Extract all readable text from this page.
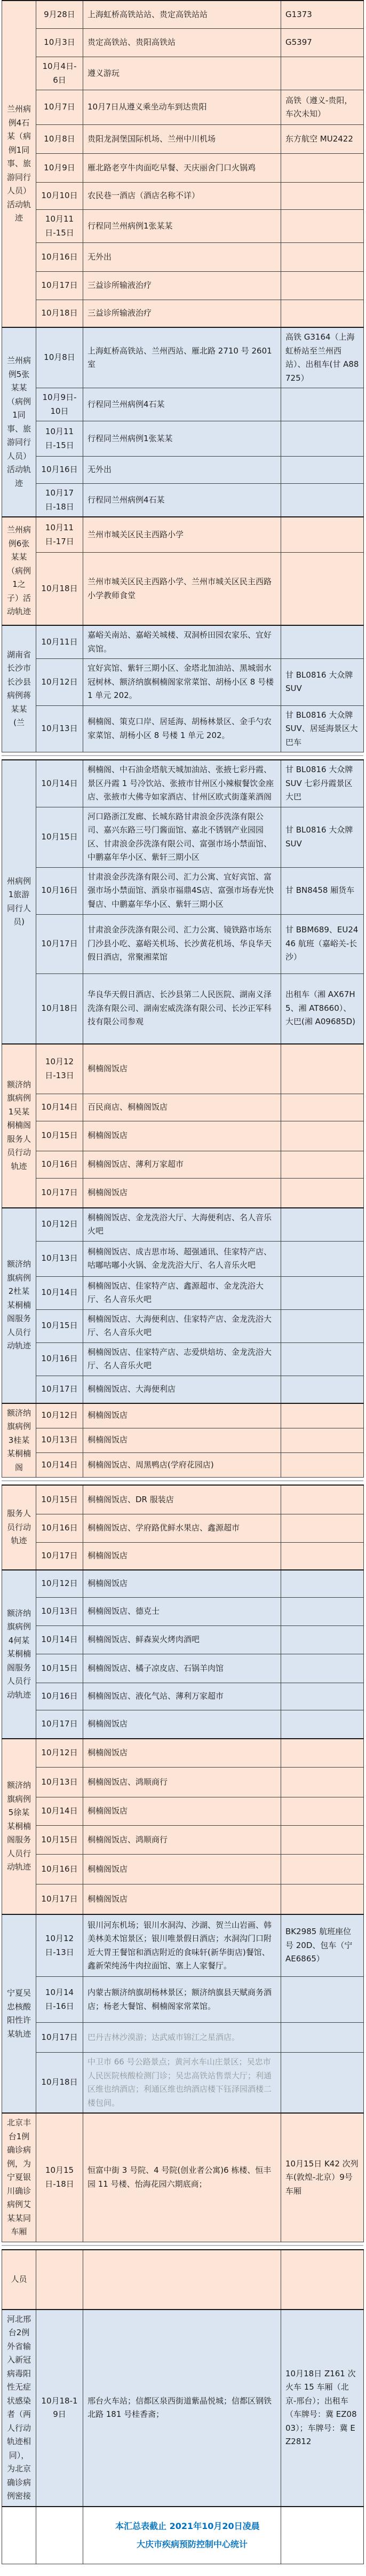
兰州病例4石某（病例1同事、旅游同行人员）活动轨迹	9月28日	上海虹桥高铁站站、贵定高铁站站	G1373
	10月3日	贵定高铁站、贵阳高铁站	G5397
	10月4日-6日	遵义游玩	
	10月7日	10月7日从遵义乘坐动车到达贵阳	高铁（遵义-贵阳，车次未知）
	10月8日	贵阳龙洞堡国际机场、兰州中川机场	东方航空 MU2422
	10月9日	雁北路老亨牛肉面吃早餐、天庆丽舍门口火锅鸡	
	10月10日	农民巷一酒店（酒店名称不详）	
	10月11日-15日	行程同兰州病例1张某某	
	10月16日	无外出	
	10月17日	三益诊所输液治疗	
	10月18日	三益诊所输液治疗	
兰州病例5张某某（病例1同事、旅游同行人员）活动轨迹	10月8日	上海虹桥高铁站、兰州西站、雁北路 2710 号 2601 室	高铁 G3164（上海虹桥站至兰州西站）、出租车(甘 A88725）
	10月9日-10日	行程同兰州病例4石某	
	10月11日-15日	行程同兰州病例1张某某	
	10月16日	无外出	
	10月17日-18日	行程同兰州病例4石某	
兰州病例6张某某（病例1之子）活动轨迹	10月11日-17日	兰州市城关区民主西路小学	
	10月18日	兰州市城关区民主西路小学、兰州市城关区民主西路小学教师食堂	
湖南省长沙市长沙县病例蒋某某(兰	10月11日	嘉峪关南站、嘉峪关城楼、双洞桥田园农家乐、宜好宾馆。	
	10月12日	宜好宾馆、紫轩三期小区、金塔北加油站、黑城弱水冠树林、额济纳旗桐楠阁家常菜馆、胡杨小区 8 号楼 1 单元 202。	甘 BL0816 大众牌 SUV
	10月13日	桐楠阁、策克口岸、居延海、胡杨林景区、金手勺农家菜馆、胡杨小区 8 号楼 1 单元 202。	甘 BL0816 大众牌 SUV、居延海景区大巴车
州病例1旅游同行人员)	10月14日	桐楠阁、中石油金塔航天城加油站、张掖七彩丹霞、景区丹霞 1 号冷饮站、张掖市甘州区小辣椒餐饮金座店、张掖市大佛寺如家酒店、甘州区欧式街蓬莱酒阁	甘 BL0816 大众牌 SUV 七彩丹霞景区大巴
	10月15日	河口路浙江发廊、长城东路甘肃浪金莎洗涤有限公司、嘉兴东路三号门酱面馆、嘉北不锈钢产业园园区、甘肃浪金莎洗涤有限公司、富强市场小禁面馆、中鹏嘉年华小区、紫轩三期小区	甘 BL0816 大众牌 SUV
	10月16日	甘肃浪金莎洗涤有限公司、汇力公寓、宜好宾馆、富强市场小禁面馆、酒泉市福鼎4S店、富强市场春光快餐店、中鹏嘉年华小区、紫轩三期小区	甘 BN8458 厢货车
	10月17日	甘肃浪金莎洗涤有限公司、汇力公寓、镜铁路市场东门沙县小吃、嘉峪关机场、长沙黄花机场、华良华天假日酒店，常聚湘菜馆	甘 BBM689、EU2446 航班（嘉峪关-长沙）
	10月18日	华良华天假日酒店、长沙县第二人民医院、湖南义泽洗涤有限公司、湖南宏威洗涤有限公司、长沙正军科技有限公司参观	出租车（湘 AX67H5、湘 AT8660）、大巴(湘 A09685D)
额济纳旗病例1吴某桐楠阁服务人员行动轨迹	10月12日-13日	桐楠阁饭店	
	10月14日	百民商店、桐楠阁饭店	
	10月15日	桐楠阁饭店	
	10月16日	桐楠阁饭店、薄利万家超市	
	10月17日	桐楠阁饭店	
额济纳旗病例2杜某某桐楠阁服务人员行动轨迹	10月12日	桐楠阁饭店、金龙洗浴大厅、大海便利店、名人音乐火吧	
	10月13日	桐楠阁饭店、成吉思市场、超强通讯、佳家特产店、咕嘟咕嘟小火锅、金龙洗浴大厅、名人音乐火吧	
	10月14日	桐楠阁饭店、佳家特产店、鑫源超市、金龙洗浴大厅、名人音乐火吧	
	10月15日	桐楠阁饭店、大海便利店、佳家特产店、金龙洗浴大厅、名人音乐火吧	
	10月16日	桐楠阁饭店、佳家特产店、志爱烘焙坊、金龙洗浴大厅、名人音乐火吧	
	10月17日	桐楠阁饭店、大海便利店	
额济纳旗病例3桂某某桐楠阁	10月12日	桐楠阁饭店	
	10月13日	桐楠阁饭店	
	10月14日	桐楠阁饭店、周黑鸭店(学府花园店)	
服务人员行动轨迹	10月15日	桐楠阁饭店、DR 服装店	
	10月16日	桐楠阁饭店、学府路优鲜水果店、鑫源超市	
	10月17日	桐楠阁饭店	
额济纳旗病例4何某某桐楠阁服务人员行动轨迹	10月12日	桐楠阁饭店	
	10月13日	桐楠阁饭店、德克士	
	10月14日	桐楠阁饭店、鲜森炭火烤肉酒吧	
	10月15日	桐楠阁饭店、橘子凉皮店、石锅羊肉馆	
	10月16日	桐楠阁饭店、液化气站、薄利万家超市	
	10月17日	桐楠阁饭店	
额济纳旗病例5徐某某桐楠阁服务人员行动轨迹	10月12日	桐楠阁饭店	
	10月13日	桐楠阁饭店、鸿顺商行	
	10月14日	桐楠阁饭店	
	10月15日	桐楠阁饭店、鸿顺商行	
	10月16日	桐楠阁饭店	
	10月17日	桐楠阁饭店	
宁夏吴忠核酸阳性许某轨迹	10月12日-13日	银川河东机场；银川水洞沟、沙湖、贺兰山岩画、韩美林美术馆景区；银川唯景假日酒店；水洞沟门口附近大胃王餐馆和酒店附近的食味轩(新华街店)餐馆、鑫新荣纯汤牛肉拉面馆、塞上人家餐厅。	BK2985 航班座位号 20D、包车（宁 AE6865）
	10月14日-16日	内蒙古额济纳旗胡杨林景区；额济纳旗县天赋商务酒店；杨老大餐馆、桐楠阁家常菜馆。	
	10月17日	巴丹吉林沙漠游；达武威市锦江之星酒店。	
	10月18日	中卫市 66 号公路景点；黄河水车山庄景区；吴忠市人民医院核酸检测门诊；吴忠高铁站售票大厅；利通区维也纳酒店；利通区维也纳酒店楼下钰泽园酒楼二楼包间。	
北京丰台1例确诊病例，为宁夏银川确诊病例艾某某同车厢	10月15日-18日	恒富中街 3 号院、4 号院(创业者公寓)6 栋楼、恒丰园 11 号楼、怡海花园六期底商；	10月15日 K42 次列车(敦煌-北京）9号车厢
人员			
河北邢台2例外省输入新冠病毒阳性无症状感染者（两人行动轨迹相同），为北京确诊病例密接	10月18-19日	邢台火车站；信都区泉西街道紫晶悦城；信都区钢铁北路 181 号桂香斋；	10月18日 Z161 次火车 15 车厢（北京-邢台）；出租车（车牌号：冀 EZ0803）；车牌号：冀 EZ2812

		本汇总表截止 2021年10月20日凌晨
大庆市疾病预防控制中心统计	
